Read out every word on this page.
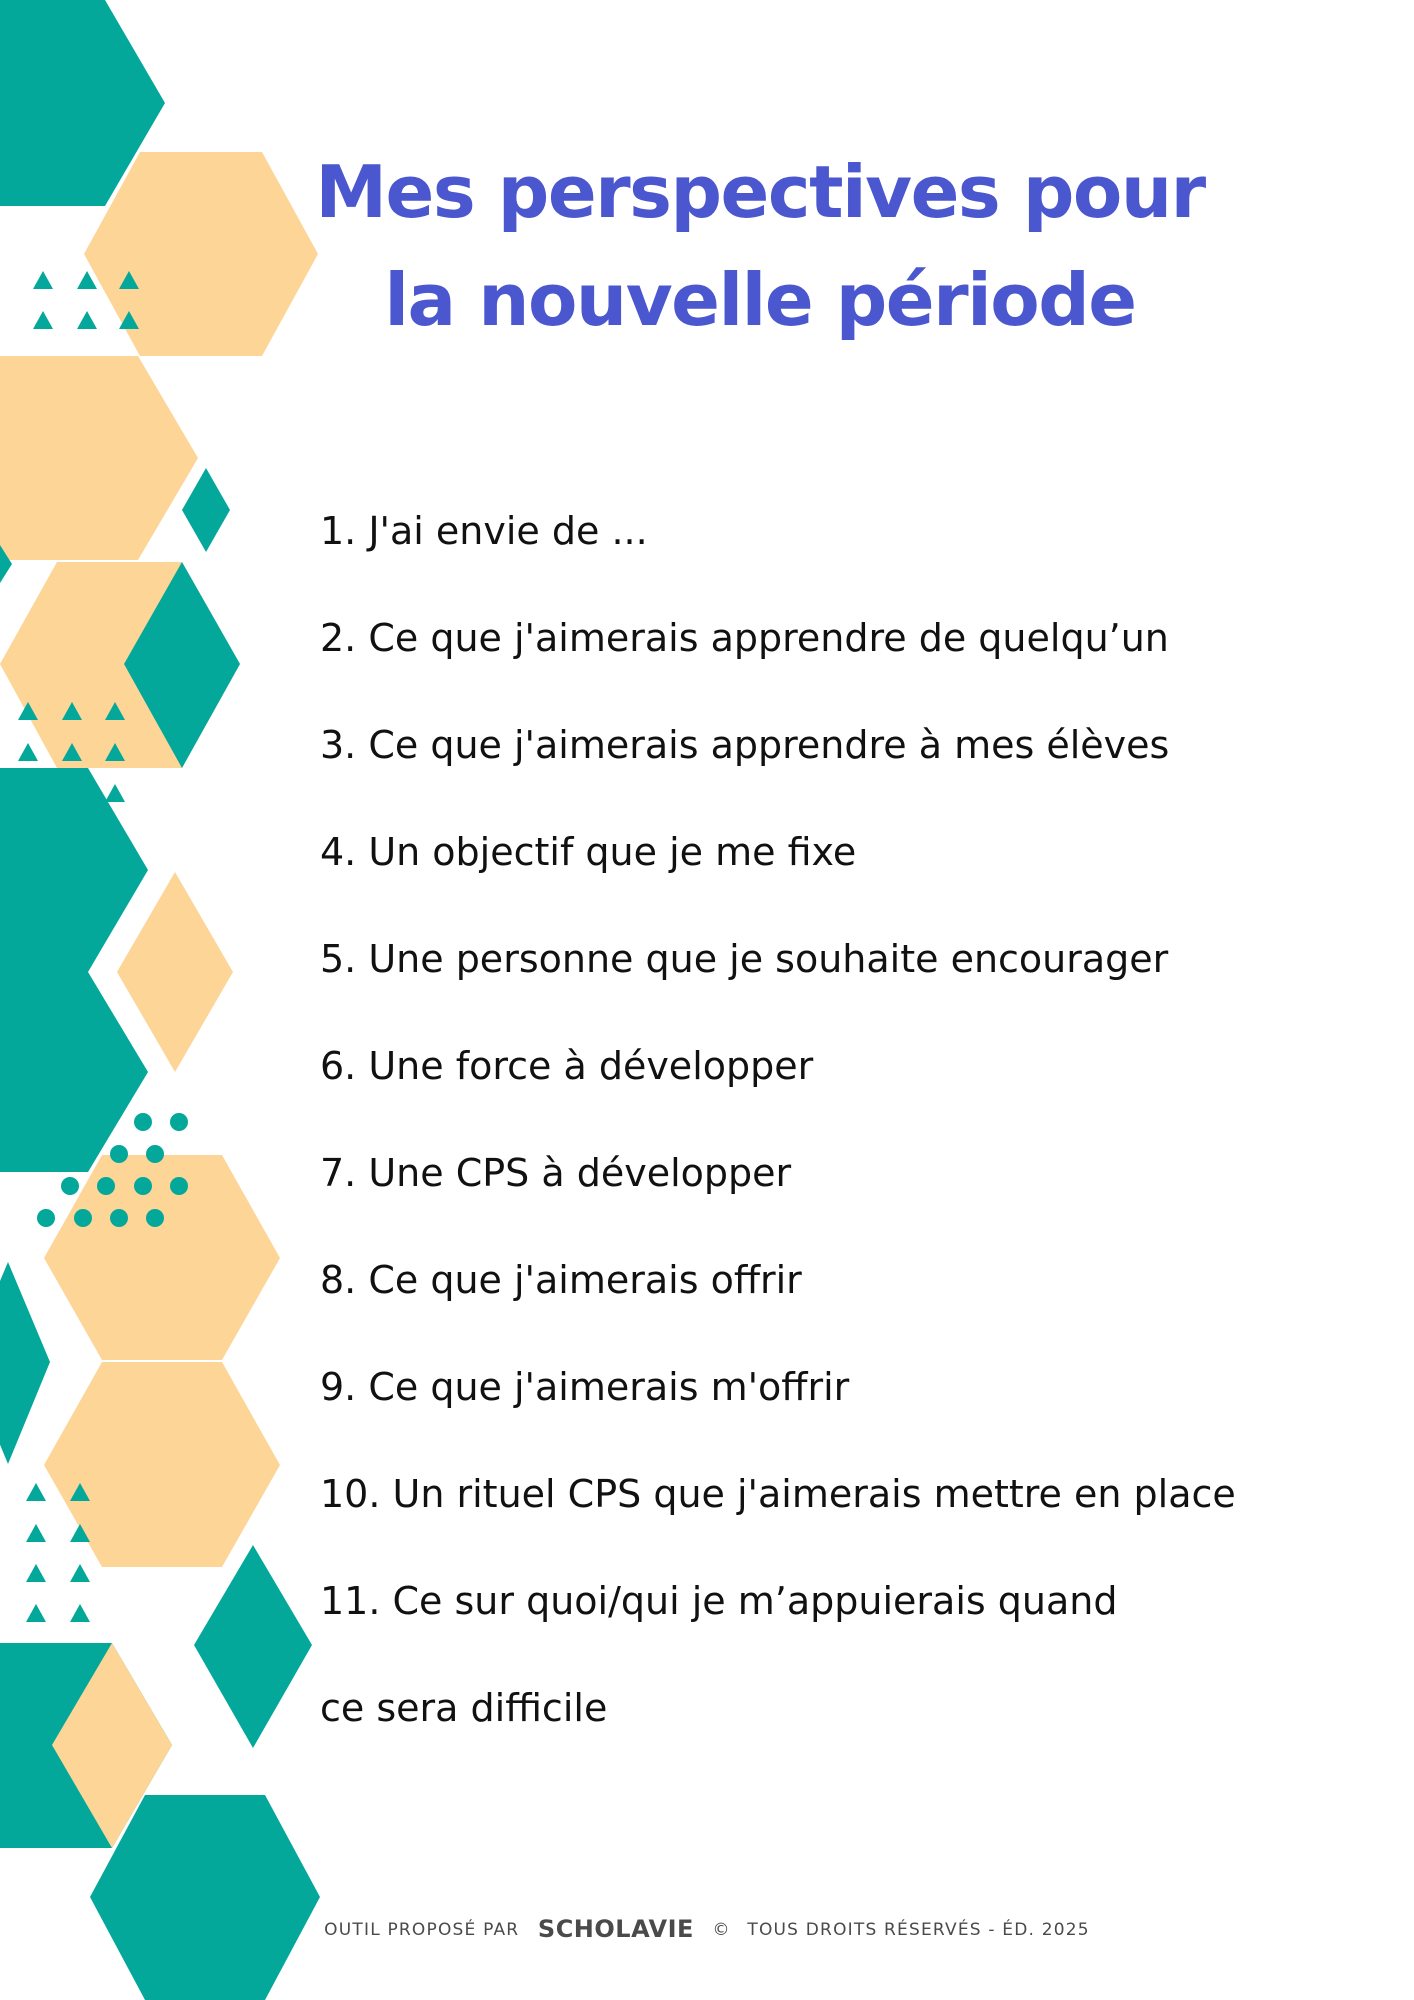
Mes perspectives pour
la nouvelle période
1. J'ai envie de ...
2. Ce que j'aimerais apprendre de quelqu’un
3. Ce que j'aimerais apprendre à mes élèves
4. Un objectif que je me fixe
5. Une personne que je souhaite encourager
6. Une force à développer
7. Une CPS à développer
8. Ce que j'aimerais offrir
9. Ce que j'aimerais m'offrir
10. Un rituel CPS que j'aimerais mettre en place
11. Ce sur quoi/qui je m’appuierais quand
ce sera difficile
OUTIL PROPOSÉ PAR SCHOLAVIE © TOUS DROITS RÉSERVÉS - ÉD. 2025
